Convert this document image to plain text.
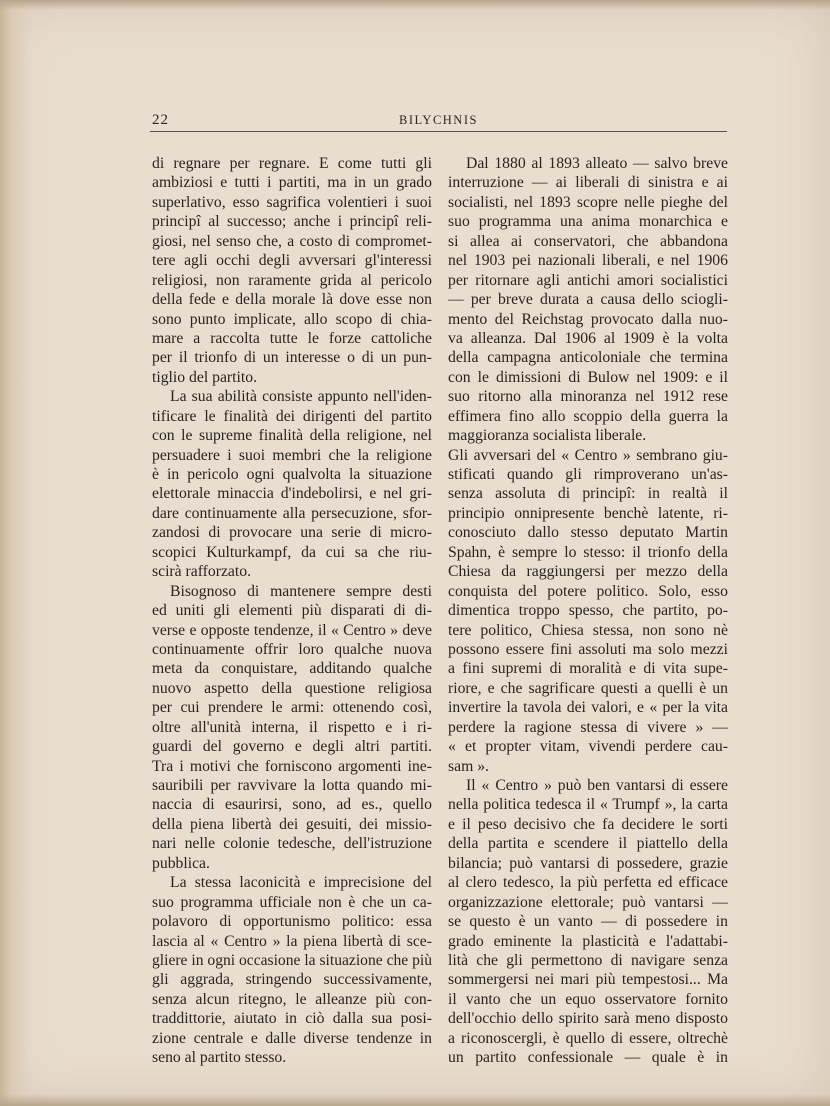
22	BILYCHNIS
di regnare per regnare. E come tutti gli
ambiziosi e tutti i partiti, ma in un grado
superlativo, esso sagrifica volentieri i suoi
principî al successo; anche i principî reli-
giosi, nel senso che, a costo di compromet-
tere agli occhi degli avversari gl'interessi
religiosi, non raramente grida al pericolo
della fede e della morale là dove esse non
sono punto implicate, allo scopo di chia-
mare a raccolta tutte le forze cattoliche
per il trionfo di un interesse o di un pun-
tiglio del partito.
La sua abilità consiste appunto nell'iden-
tificare le finalità dei dirigenti del partito
con le supreme finalità della religione, nel
persuadere i suoi membri che la religione
è in pericolo ogni qualvolta la situazione
elettorale minaccia d'indebolirsi, e nel gri-
dare continuamente alla persecuzione, sfor-
zandosi di provocare una serie di micro-
scopici Kulturkampf, da cui sa che riu-
scirà rafforzato.
Bisognoso di mantenere sempre desti
ed uniti gli elementi più disparati di di-
verse e opposte tendenze, il « Centro » deve
continuamente offrir loro qualche nuova
meta da conquistare, additando qualche
nuovo aspetto della questione religiosa
per cui prendere le armi: ottenendo così,
oltre all'unità interna, il rispetto e i ri-
guardi del governo e degli altri partiti.
Tra i motivi che forniscono argomenti ine-
sauribili per ravvivare la lotta quando mi-
naccia di esaurirsi, sono, ad es., quello
della piena libertà dei gesuiti, dei missio-
nari nelle colonie tedesche, dell'istruzione
pubblica.
La stessa laconicità e imprecisione del
suo programma ufficiale non è che un ca-
polavoro di opportunismo politico: essa
lascia al « Centro » la piena libertà di sce-
gliere in ogni occasione la situazione che più
gli aggrada, stringendo successivamente,
senza alcun ritegno, le alleanze più con-
traddittorie, aiutato in ciò dalla sua posi-
zione centrale e dalle diverse tendenze in
seno al partito stesso.
Dal 1880 al 1893 alleato — salvo breve
interruzione — ai liberali di sinistra e ai
socialisti, nel 1893 scopre nelle pieghe del
suo programma una anima monarchica e
si allea ai conservatori, che abbandona
nel 1903 pei nazionali liberali, e nel 1906
per ritornare agli antichi amori socialistici
— per breve durata a causa dello sciogli-
mento del Reichstag provocato dalla nuo-
va alleanza. Dal 1906 al 1909 è la volta
della campagna anticoloniale che termina
con le dimissioni di Bulow nel 1909: e il
suo ritorno alla minoranza nel 1912 rese
effimera fino allo scoppio della guerra la
maggioranza socialista liberale.
Gli avversari del « Centro » sembrano giu-
stificati quando gli rimproverano un'as-
senza assoluta di principî: in realtà il
principio onnipresente benchè latente, ri-
conosciuto dallo stesso deputato Martin
Spahn, è sempre lo stesso: il trionfo della
Chiesa da raggiungersi per mezzo della
conquista del potere politico. Solo, esso
dimentica troppo spesso, che partito, po-
tere politico, Chiesa stessa, non sono nè
possono essere fini assoluti ma solo mezzi
a fini supremi di moralità e di vita supe-
riore, e che sagrificare questi a quelli è un
invertire la tavola dei valori, e « per la vita
perdere la ragione stessa di vivere » —
« et propter vitam, vivendi perdere cau-
sam ».
Il « Centro » può ben vantarsi di essere
nella politica tedesca il « Trumpf », la carta
e il peso decisivo che fa decidere le sorti
della partita e scendere il piattello della
bilancia; può vantarsi di possedere, grazie
al clero tedesco, la più perfetta ed efficace
organizzazione elettorale; può vantarsi —
se questo è un vanto — di possedere in
grado eminente la plasticità e l'adattabi-
lità che gli permettono di navigare senza
sommergersi nei mari più tempestosi... Ma
il vanto che un equo osservatore fornito
dell'occhio dello spirito sarà meno disposto
a riconoscergli, è quello di essere, oltrechè
un partito confessionale — quale è in
